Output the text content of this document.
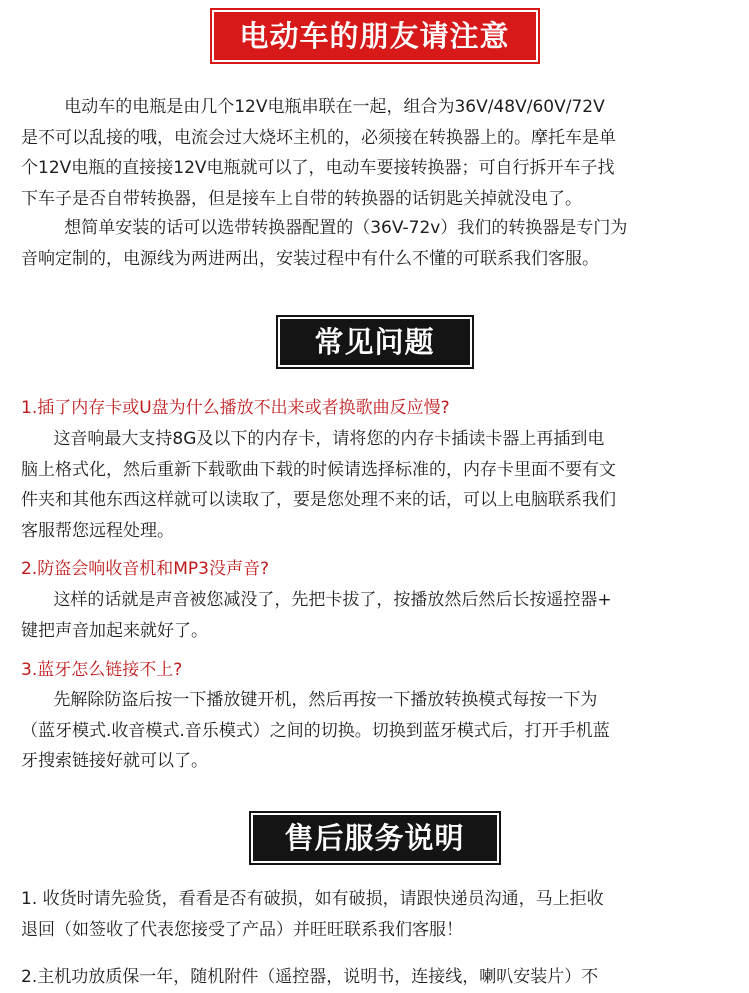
电动车的朋友请注意
电动车的电瓶是由几个12V电瓶串联在一起，组合为36V/48V/60V/72V
是不可以乱接的哦，电流会过大烧坏主机的，必须接在转换器上的。摩托车是单
个12V电瓶的直接接12V电瓶就可以了，电动车要接转换器；可自行拆开车子找
下车子是否自带转换器，但是接车上自带的转换器的话钥匙关掉就没电了。
想简单安装的话可以选带转换器配置的（36V-72v）我们的转换器是专门为
音响定制的，电源线为两进两出，安装过程中有什么不懂的可联系我们客服。
常见问题
1.插了内存卡或U盘为什么播放不出来或者换歌曲反应慢?
这音响最大支持8G及以下的内存卡，请将您的内存卡插读卡器上再插到电
脑上格式化，然后重新下载歌曲下载的时候请选择标准的，内存卡里面不要有文
件夹和其他东西这样就可以读取了，要是您处理不来的话，可以上电脑联系我们
客服帮您远程处理。
2.防盗会响收音机和MP3没声音?
这样的话就是声音被您减没了，先把卡拔了，按播放然后然后长按遥控器+
键把声音加起来就好了。
3.蓝牙怎么链接不上?
先解除防盗后按一下播放键开机，然后再按一下播放转换模式每按一下为
（蓝牙模式.收音模式.音乐模式）之间的切换。切换到蓝牙模式后，打开手机蓝
牙搜索链接好就可以了。
售后服务说明
1. 收货时请先验货，看看是否有破损，如有破损，请跟快递员沟通，马上拒收
退回（如签收了代表您接受了产品）并旺旺联系我们客服！
2.主机功放质保一年，随机附件（遥控器，说明书，连接线，喇叭安装片）不
